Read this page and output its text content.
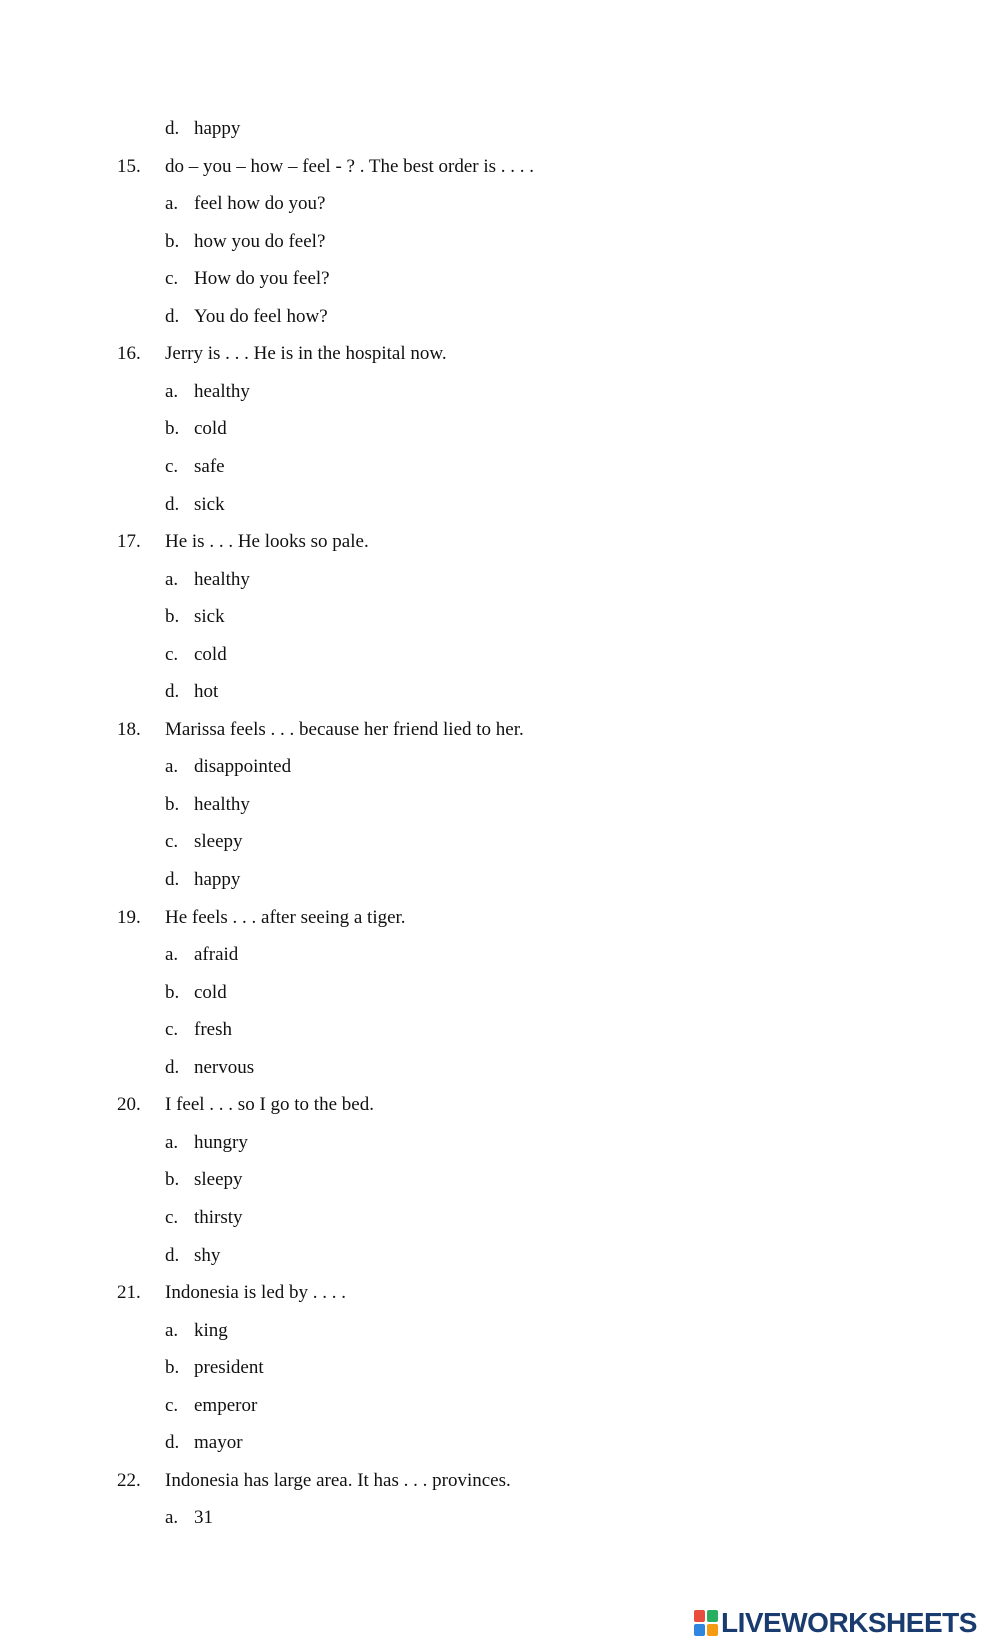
d. happy
15. do – you – how – feel - ? . The best order is . . . .
a. feel how do you?
b. how you do feel?
c. How do you feel?
d. You do feel how?
16. Jerry is . . . He is in the hospital now.
a. healthy
b. cold
c. safe
d. sick
17. He is . . . He looks so pale.
a. healthy
b. sick
c. cold
d. hot
18. Marissa feels . . . because her friend lied to her.
a. disappointed
b. healthy
c. sleepy
d. happy
19. He feels . . . after seeing a tiger.
a. afraid
b. cold
c. fresh
d. nervous
20. I feel . . . so I go to the bed.
a. hungry
b. sleepy
c. thirsty
d. shy
21. Indonesia is led by . . . .
a. king
b. president
c. emperor
d. mayor
22. Indonesia has large area. It has . . . provinces.
a. 31
LIVEWORKSHEETS
